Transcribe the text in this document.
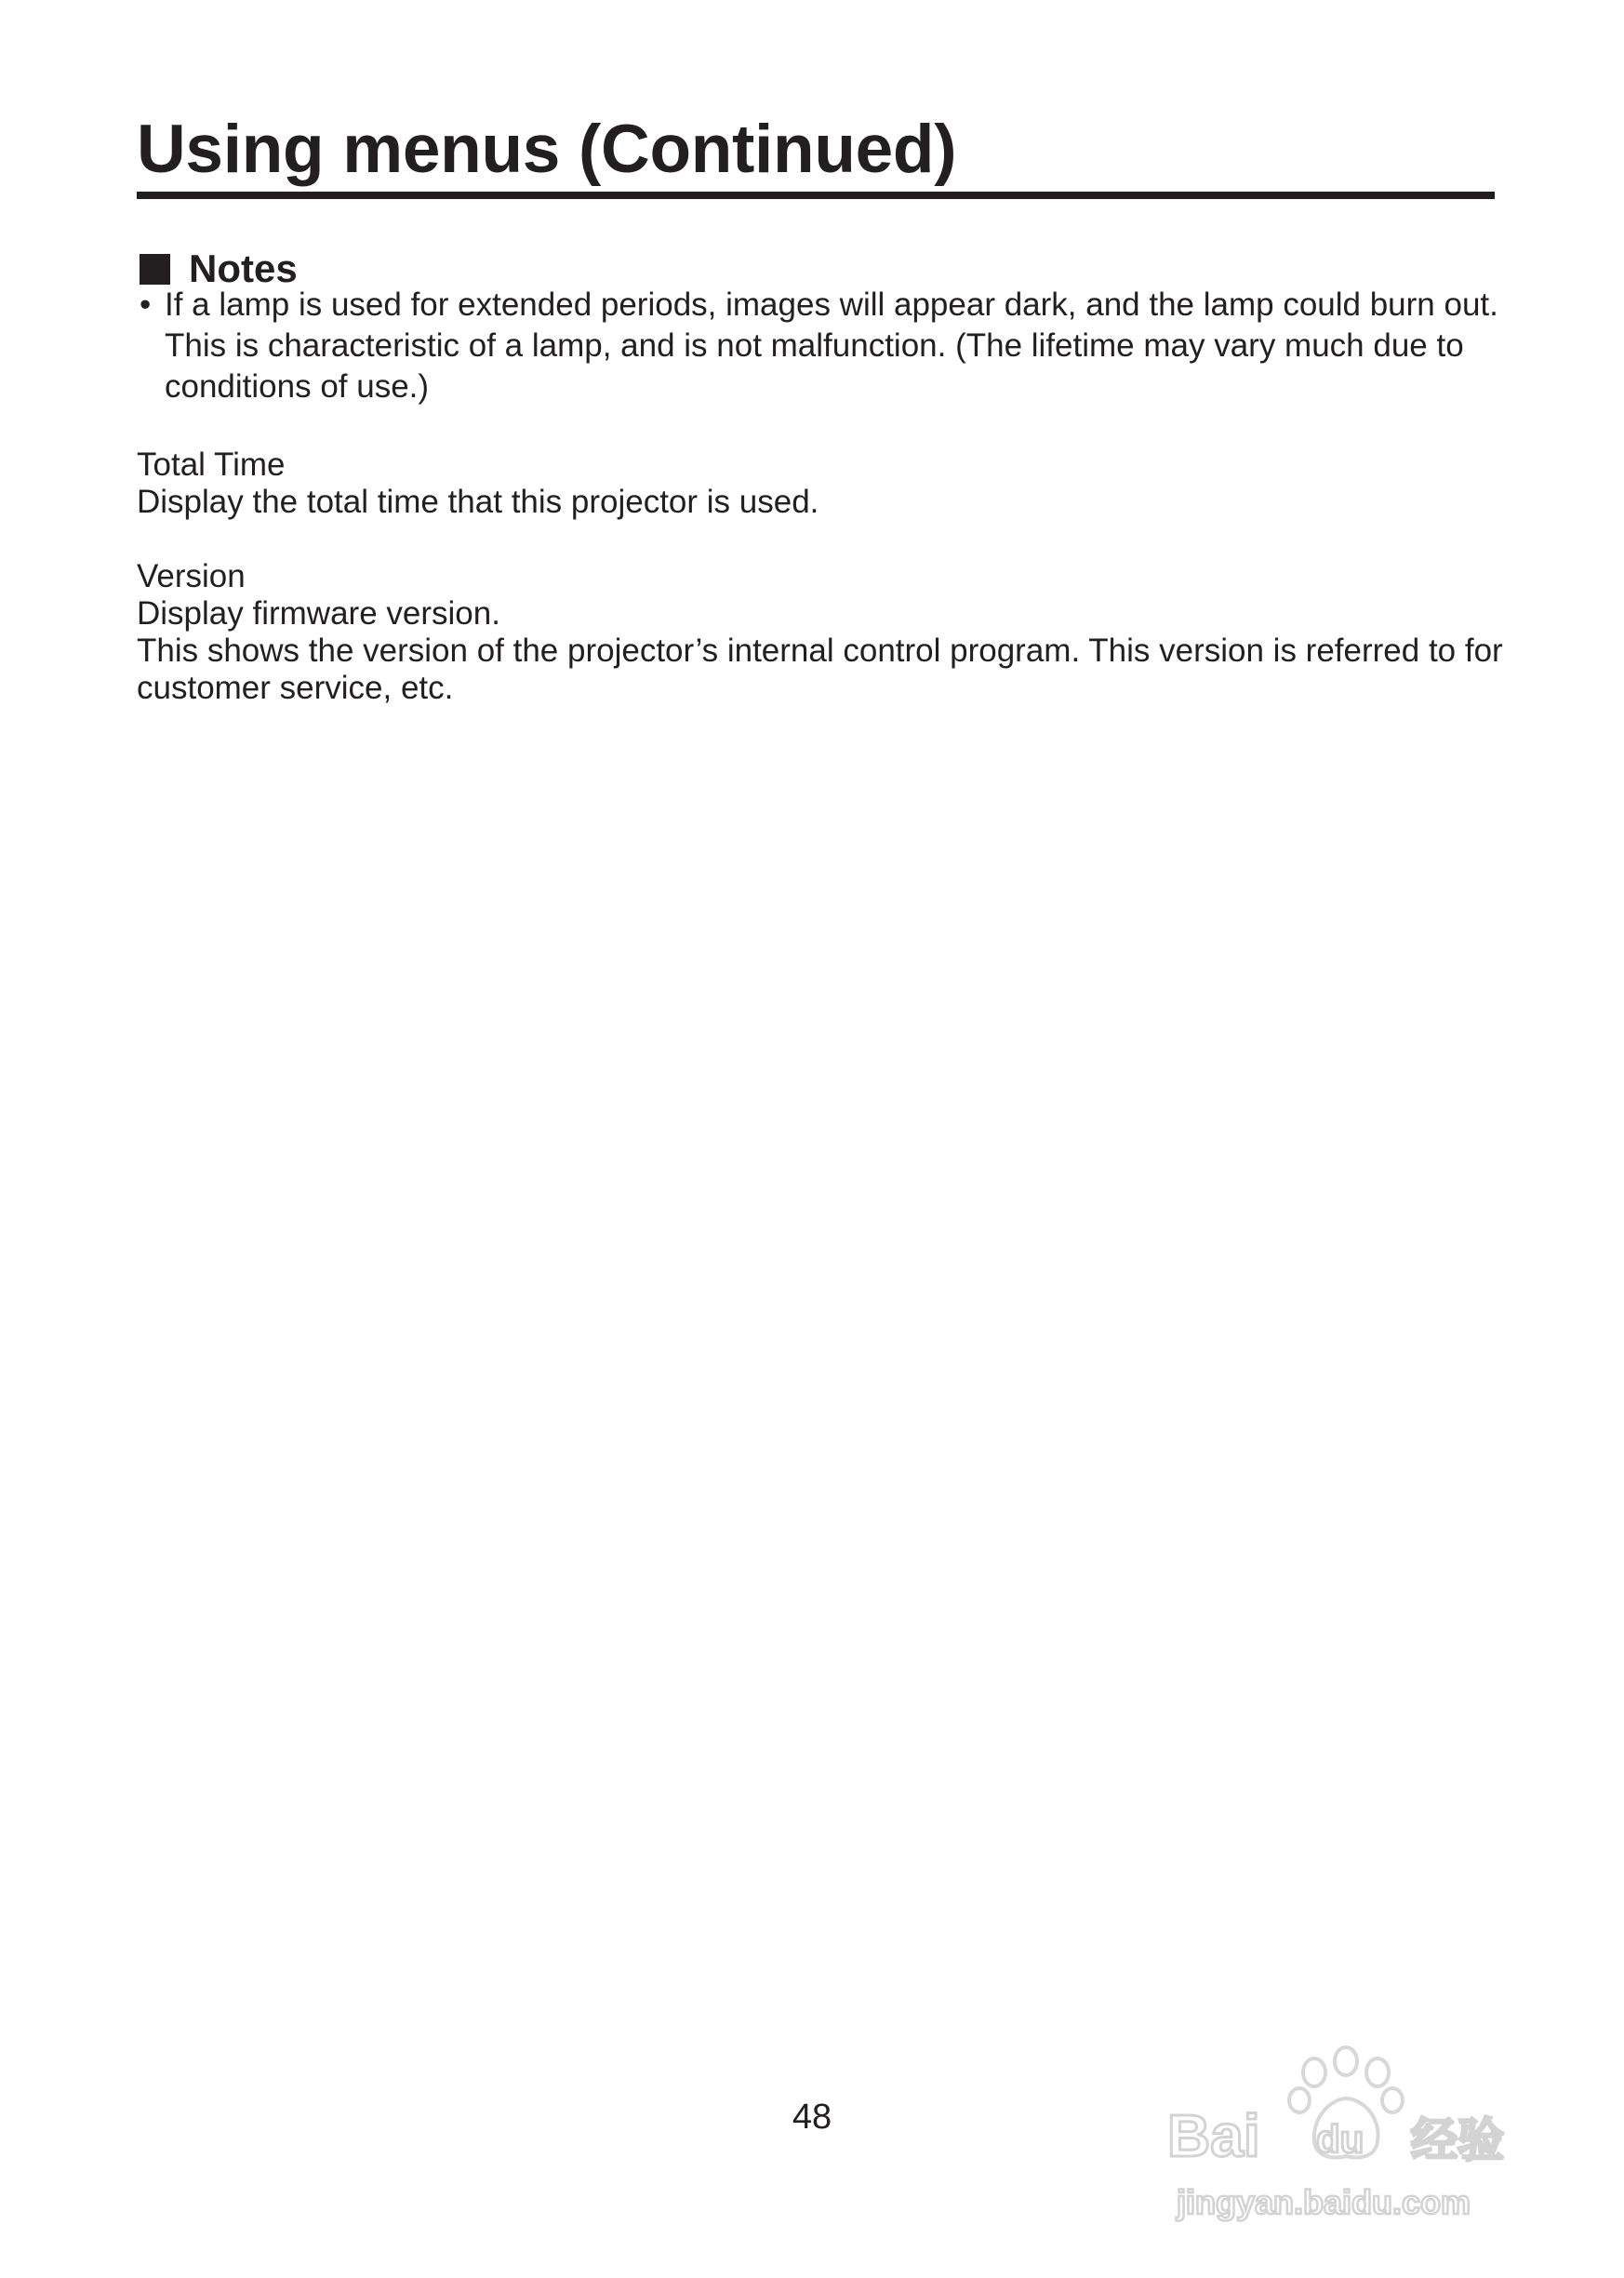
Using menus (Continued)
Notes
• If a lamp is used for extended periods, images will appear dark, and the lamp could burn out. This is characteristic of a lamp, and is not malfunction. (The lifetime may vary much due to conditions of use.)

Total Time

Display the total time that this projector is used.

Version

Display firmware version.

This shows the version of the projector’s internal control program. This version is referred to for customer service, etc.

48	Bai du 经验
jingyan.baidu.com
